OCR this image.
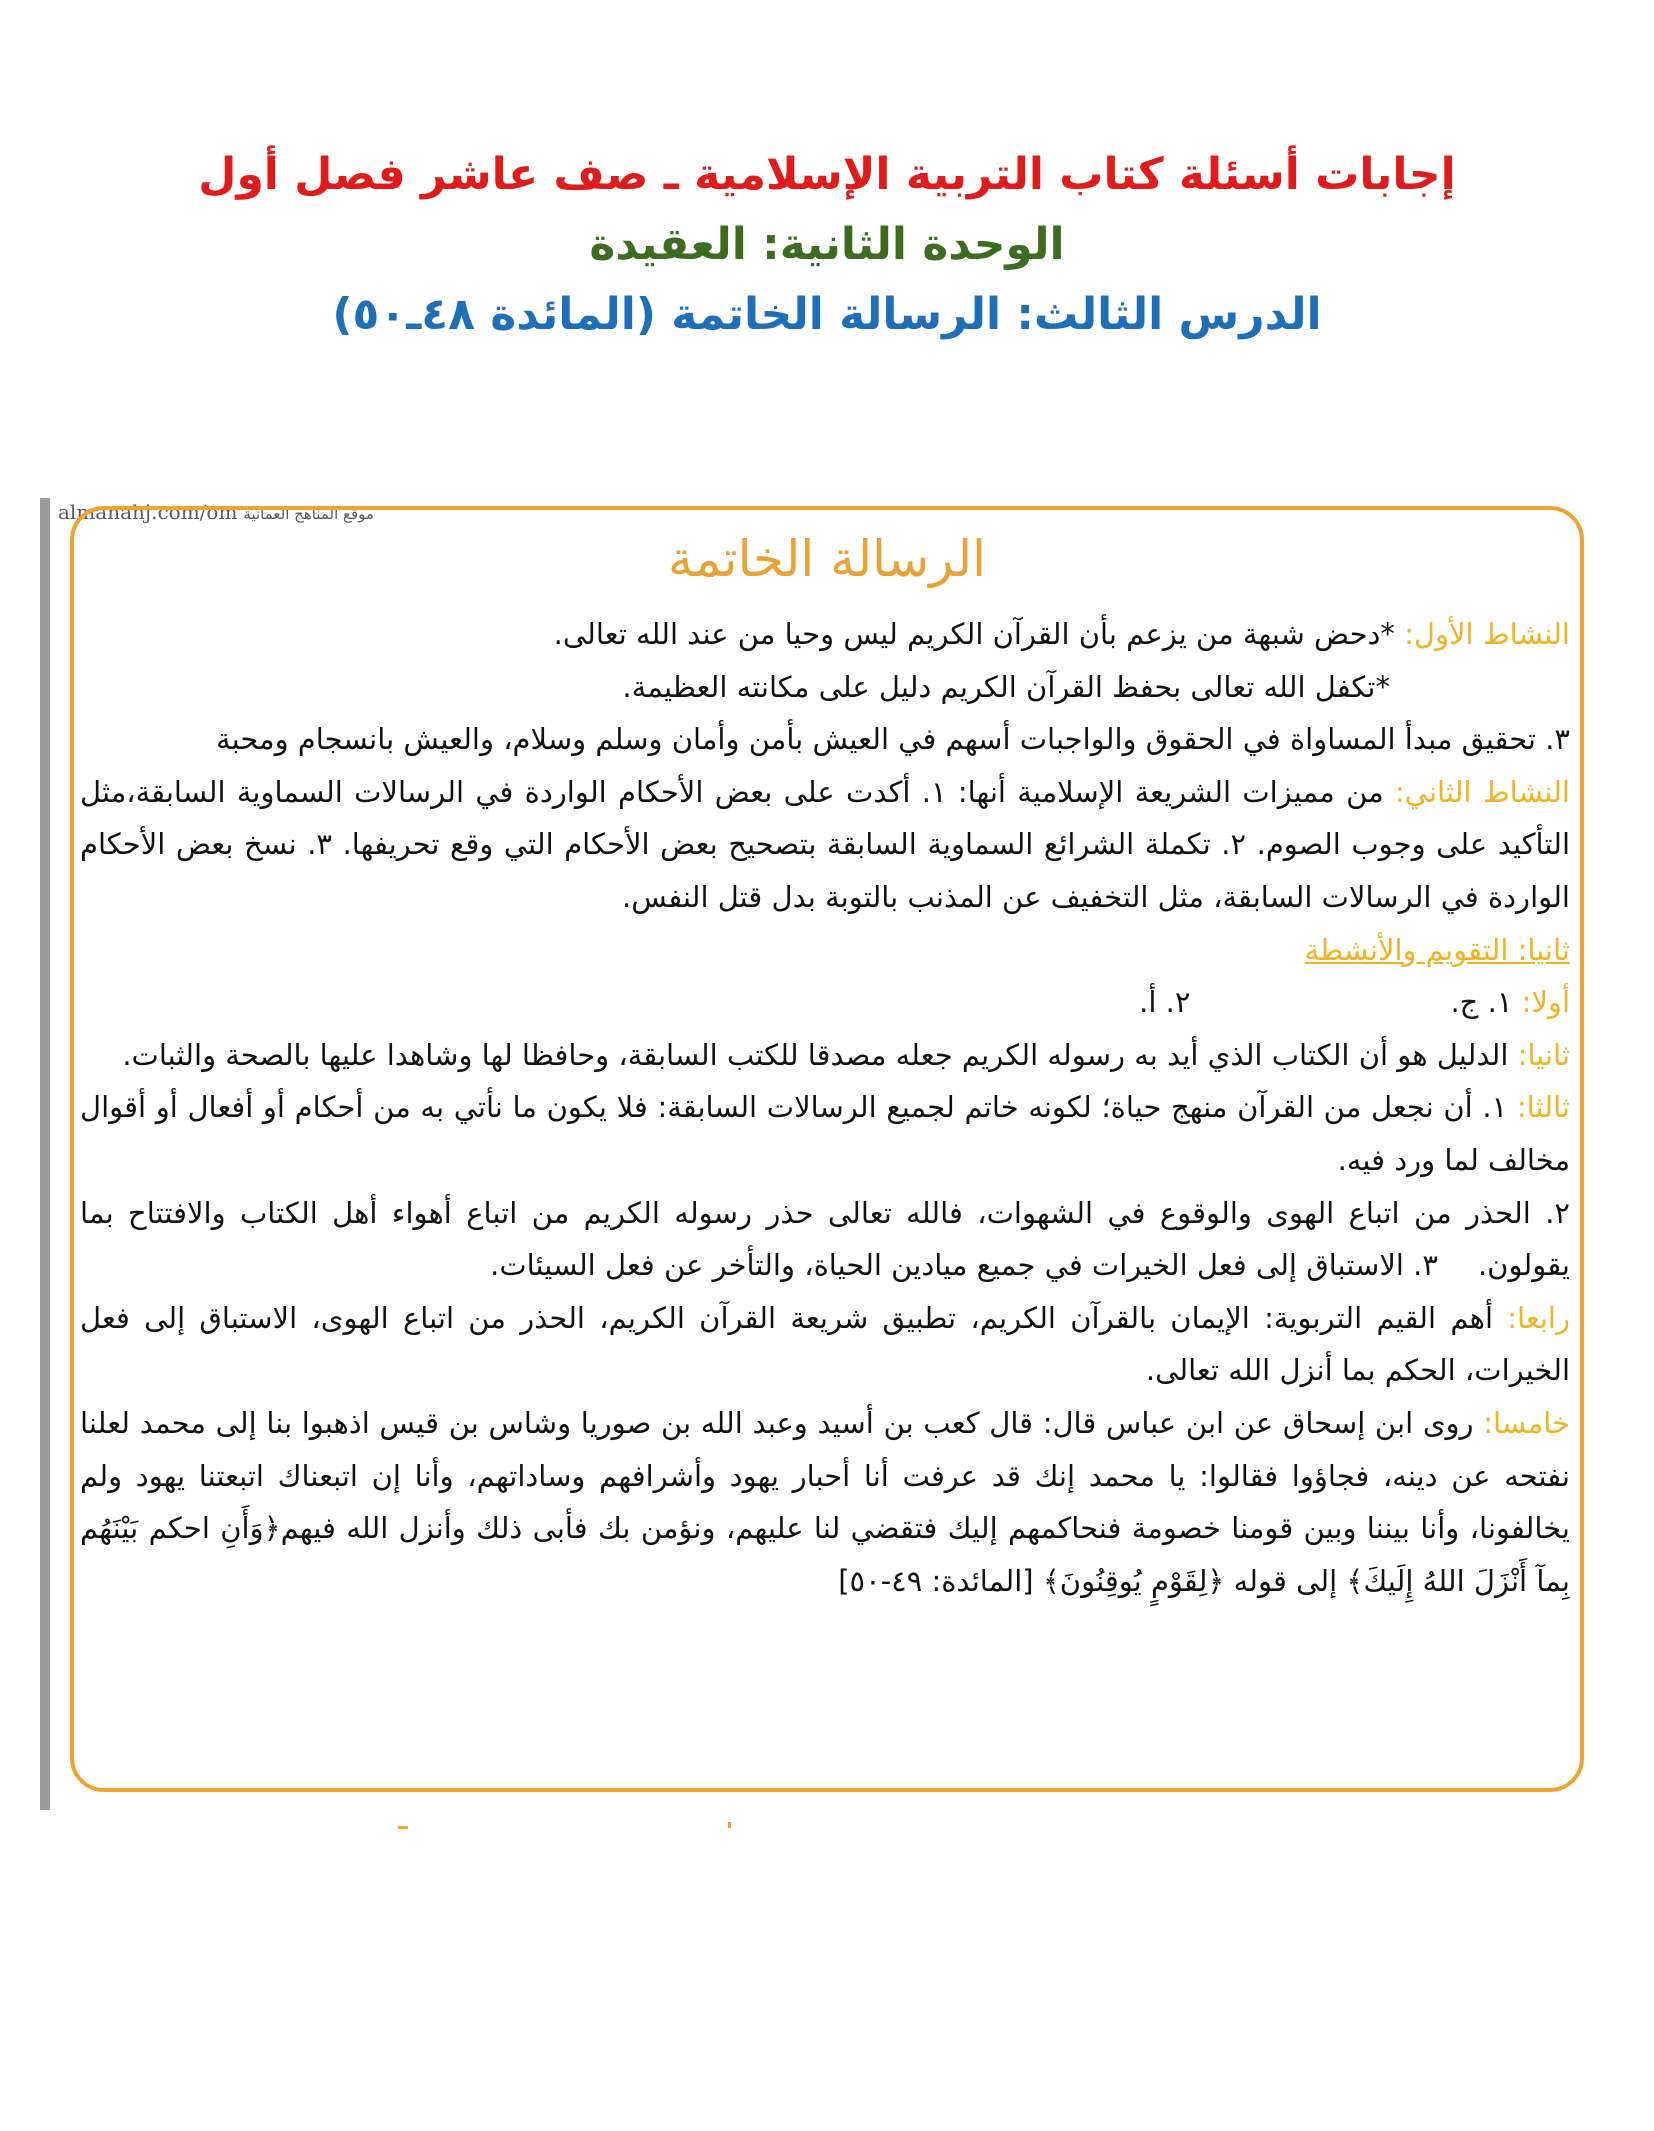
إجابات أسئلة كتاب التربية الإسلامية ـ صف عاشر فصل أول
الوحدة الثانية: العقيدة
الدرس الثالث: الرسالة الخاتمة (المائدة ٤٨ـ٥٠)
almanahj.com/om موقع المناهج العمانية
الرسالة الخاتمة

النشاط الأول: *دحض شبهة من يزعم بأن القرآن الكريم ليس وحيا من عند الله تعالى.

*تكفل الله تعالى بحفظ القرآن الكريم دليل على مكانته العظيمة.

٣. تحقيق مبدأ المساواة في الحقوق والواجبات أسهم في العيش بأمن وأمان وسلم وسلام، والعيش بانسجام ومحبة

النشاط الثاني: من مميزات الشريعة الإسلامية أنها: ١. أكدت على بعض الأحكام الواردة في الرسالات السماوية السابقة،مثل التأكيد على وجوب الصوم. ٢. تكملة الشرائع السماوية السابقة بتصحيح بعض الأحكام التي وقع تحريفها. ٣. نسخ بعض الأحكام الواردة في الرسالات السابقة، مثل التخفيف عن المذنب بالتوبة بدل قتل النفس.

ثانيا: التقويم والأنشطة

أولا: ١. ج.٢. أ.

ثانيا: الدليل هو أن الكتاب الذي أيد به رسوله الكريم جعله مصدقا للكتب السابقة، وحافظا لها وشاهدا عليها بالصحة والثبات.

ثالثا: ١. أن نجعل من القرآن منهج حياة؛ لكونه خاتم لجميع الرسالات السابقة: فلا يكون ما نأتي به من أحكام أو أفعال أو أقوال مخالف لما ورد فيه.

٢. الحذر من اتباع الهوى والوقوع في الشهوات، فالله تعالى حذر رسوله الكريم من اتباع أهواء أهل الكتاب والافتتاح بما يقولون.٣. الاستباق إلى فعل الخيرات في جميع ميادين الحياة، والتأخر عن فعل السيئات.

رابعا: أهم القيم التربوية: الإيمان بالقرآن الكريم، تطبيق شريعة القرآن الكريم، الحذر من اتباع الهوى، الاستباق إلى فعل الخيرات، الحكم بما أنزل الله تعالى.

خامسا: روى ابن إسحاق عن ابن عباس قال: قال كعب بن أسيد وعبد الله بن صوريا وشاس بن قيس اذهبوا بنا إلى محمد لعلنا نفتحه عن دينه، فجاؤوا فقالوا: يا محمد إنك قد عرفت أنا أحبار يهود وأشرافهم وساداتهم، وأنا إن اتبعناك اتبعتنا يهود ولم يخالفونا، وأنا بيننا وبين قومنا خصومة فنحاكمهم إليك فتقضي لنا عليهم، ونؤمن بك فأبى ذلك وأنزل الله فيهم﴿وَأَنِ احكم بَيْنَهُم بِمآ أَنْزَلَ اللهُ إِلَيكَ﴾ إلى قوله ﴿لِقَوْمٍ يُوقِنُونَ﴾ [المائدة: ٤٩-٥٠]
